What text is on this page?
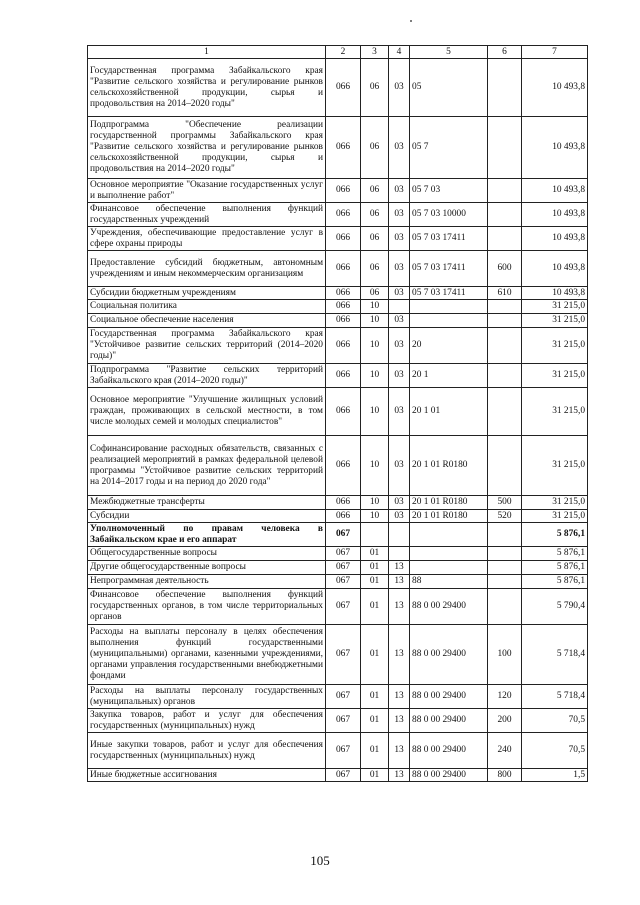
1	2	3	4	5	6	7
Государственная программа Забайкальского края "Развитие сельского хозяйства и регулирование рынков сельскохозяйственной продукции, сырья и продовольствия на 2014–2020 годы"	066	06	03	05		10 493,8
Подпрограмма "Обеспечение реализации государственной программы Забайкальского края "Развитие сельского хозяйства и регулирование рынков сельскохозяйственной продукции, сырья и продовольствия на 2014–2020 годы"	066	06	03	05 7		10 493,8
Основное мероприятие "Оказание государственных услуг и выполнение работ"	066	06	03	05 7 03		10 493,8
Финансовое обеспечение выполнения функций государственных учреждений	066	06	03	05 7 03 10000		10 493,8
Учреждения, обеспечивающие предоставление услуг в сфере охраны природы	066	06	03	05 7 03 17411		10 493,8
Предоставление субсидий бюджетным, автономным учреждениям и иным некоммерческим организациям	066	06	03	05 7 03 17411	600	10 493,8
Субсидии бюджетным учреждениям	066	06	03	05 7 03 17411	610	10 493,8
Социальная политика	066	10				31 215,0
Социальное обеспечение населения	066	10	03			31 215,0
Государственная программа Забайкальского края "Устойчивое развитие сельских территорий (2014–2020 годы)"	066	10	03	20		31 215,0
Подпрограмма "Развитие сельских территорий Забайкальского края (2014–2020 годы)"	066	10	03	20 1		31 215,0
Основное мероприятие "Улучшение жилищных условий граждан, проживающих в сельской местности, в том числе молодых семей и молодых специалистов"	066	10	03	20 1 01		31 215,0
Софинансирование расходных обязательств, связанных с реализацией мероприятий в рамках федеральной целевой программы "Устойчивое развитие сельских территорий на 2014–2017 годы и на период до 2020 года"	066	10	03	20 1 01 R0180		31 215,0
Межбюджетные трансферты	066	10	03	20 1 01 R0180	500	31 215,0
Субсидии	066	10	03	20 1 01 R0180	520	31 215,0
Уполномоченный по правам человека в Забайкальском крае и его аппарат	067					5 876,1
Общегосударственные вопросы	067	01				5 876,1
Другие общегосударственные вопросы	067	01	13			5 876,1
Непрограммная деятельность	067	01	13	88		5 876,1
Финансовое обеспечение выполнения функций государственных органов, в том числе территориальных органов	067	01	13	88 0 00 29400		5 790,4
Расходы на выплаты персоналу в целях обеспечения выполнения функций государственными (муниципальными) органами, казенными учреждениями, органами управления государственными внебюджетными фондами	067	01	13	88 0 00 29400	100	5 718,4
Расходы на выплаты персоналу государственных (муниципальных) органов	067	01	13	88 0 00 29400	120	5 718,4
Закупка товаров, работ и услуг для обеспечения государственных (муниципальных) нужд	067	01	13	88 0 00 29400	200	70,5
Иные закупки товаров, работ и услуг для обеспечения государственных (муниципальных) нужд	067	01	13	88 0 00 29400	240	70,5
Иные бюджетные ассигнования	067	01	13	88 0 00 29400	800	1,5
105
